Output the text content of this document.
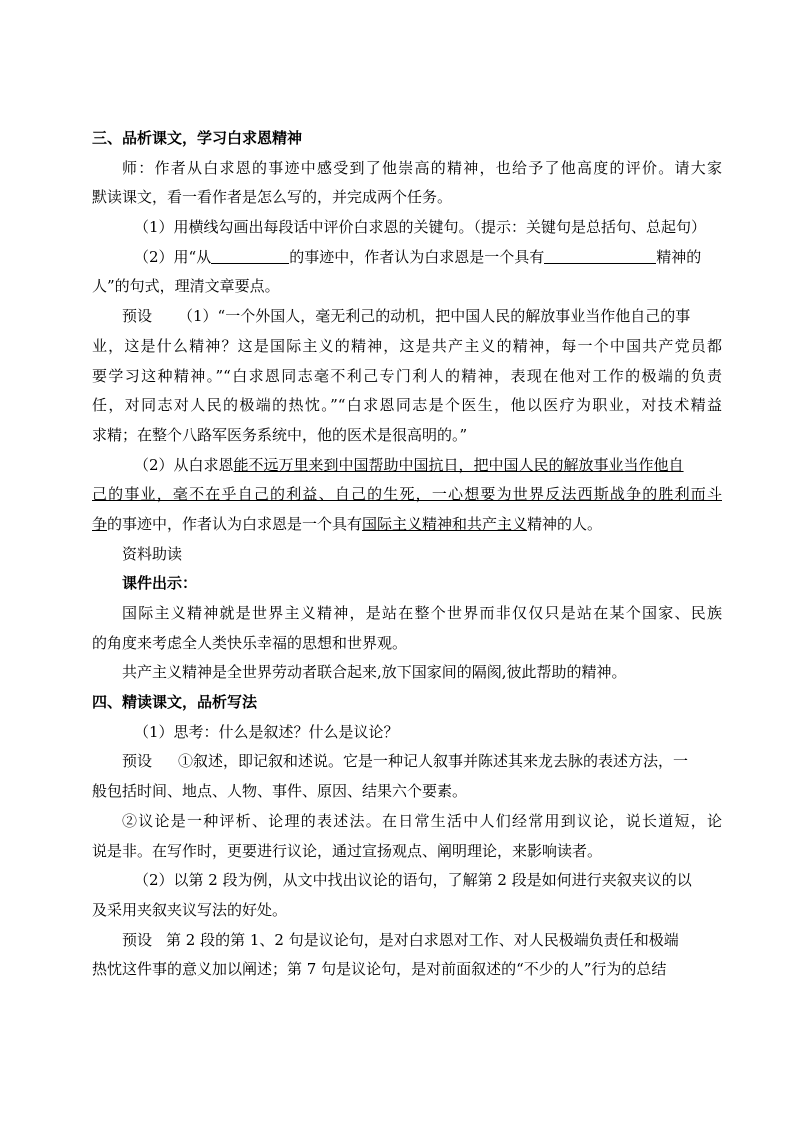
三、品析课文，学习白求恩精神
师：作者从白求恩的事迹中感受到了他崇高的精神，也给予了他高度的评价。请大家
默读课文，看一看作者是怎么写的，并完成两个任务。
（1）用横线勾画出每段话中评价白求恩的关键句。（提示：关键句是总括句、总起句）
（2）用“从	的事迹中，作者认为白求恩是一个具有	精神的
人”的句式，理清文章要点。
预设 （1）“一个外国人，毫无利己的动机，把中国人民的解放事业当作他自己的事
业，这是什么精神？这是国际主义的精神，这是共产主义的精神，每一个中国共产党员都
要学习这种精神。”“白求恩同志毫不利己专门利人的精神，表现在他对工作的极端的负责
任，对同志对人民的极端的热忱。”“白求恩同志是个医生，他以医疗为职业，对技术精益
求精；在整个八路军医务系统中，他的医术是很高明的。”
（2）从白求恩能不远万里来到中国帮助中国抗日，把中国人民的解放事业当作他自
己的事业，毫不在乎自己的利益、自己的生死，一心想要为世界反法西斯战争的胜利而斗
争的事迹中，作者认为白求恩是一个具有国际主义精神和共产主义精神的人。
资料助读
课件出示：
国际主义精神就是世界主义精神，是站在整个世界而非仅仅只是站在某个国家、民族
的角度来考虑全人类快乐幸福的思想和世界观。
共产主义精神是全世界劳动者联合起来,放下国家间的隔阂,彼此帮助的精神。
四、精读课文，品析写法
（1）思考：什么是叙述？什么是议论？
预设 ①叙述，即记叙和述说。它是一种记人叙事并陈述其来龙去脉的表述方法，一
般包括时间、地点、人物、事件、原因、结果六个要素。
②议论是一种评析、论理的表述法。在日常生活中人们经常用到议论，说长道短，论
说是非。在写作时，更要进行议论，通过宣扬观点、阐明理论，来影响读者。
（2）以第 2 段为例，从文中找出议论的语句，了解第 2 段是如何进行夹叙夹议的以
及采用夹叙夹议写法的好处。
预设 第 2 段的第 1、2 句是议论句，是对白求恩对工作、对人民极端负责任和极端
热忱这件事的意义加以阐述；第 7 句是议论句，是对前面叙述的“不少的人”行为的总结
